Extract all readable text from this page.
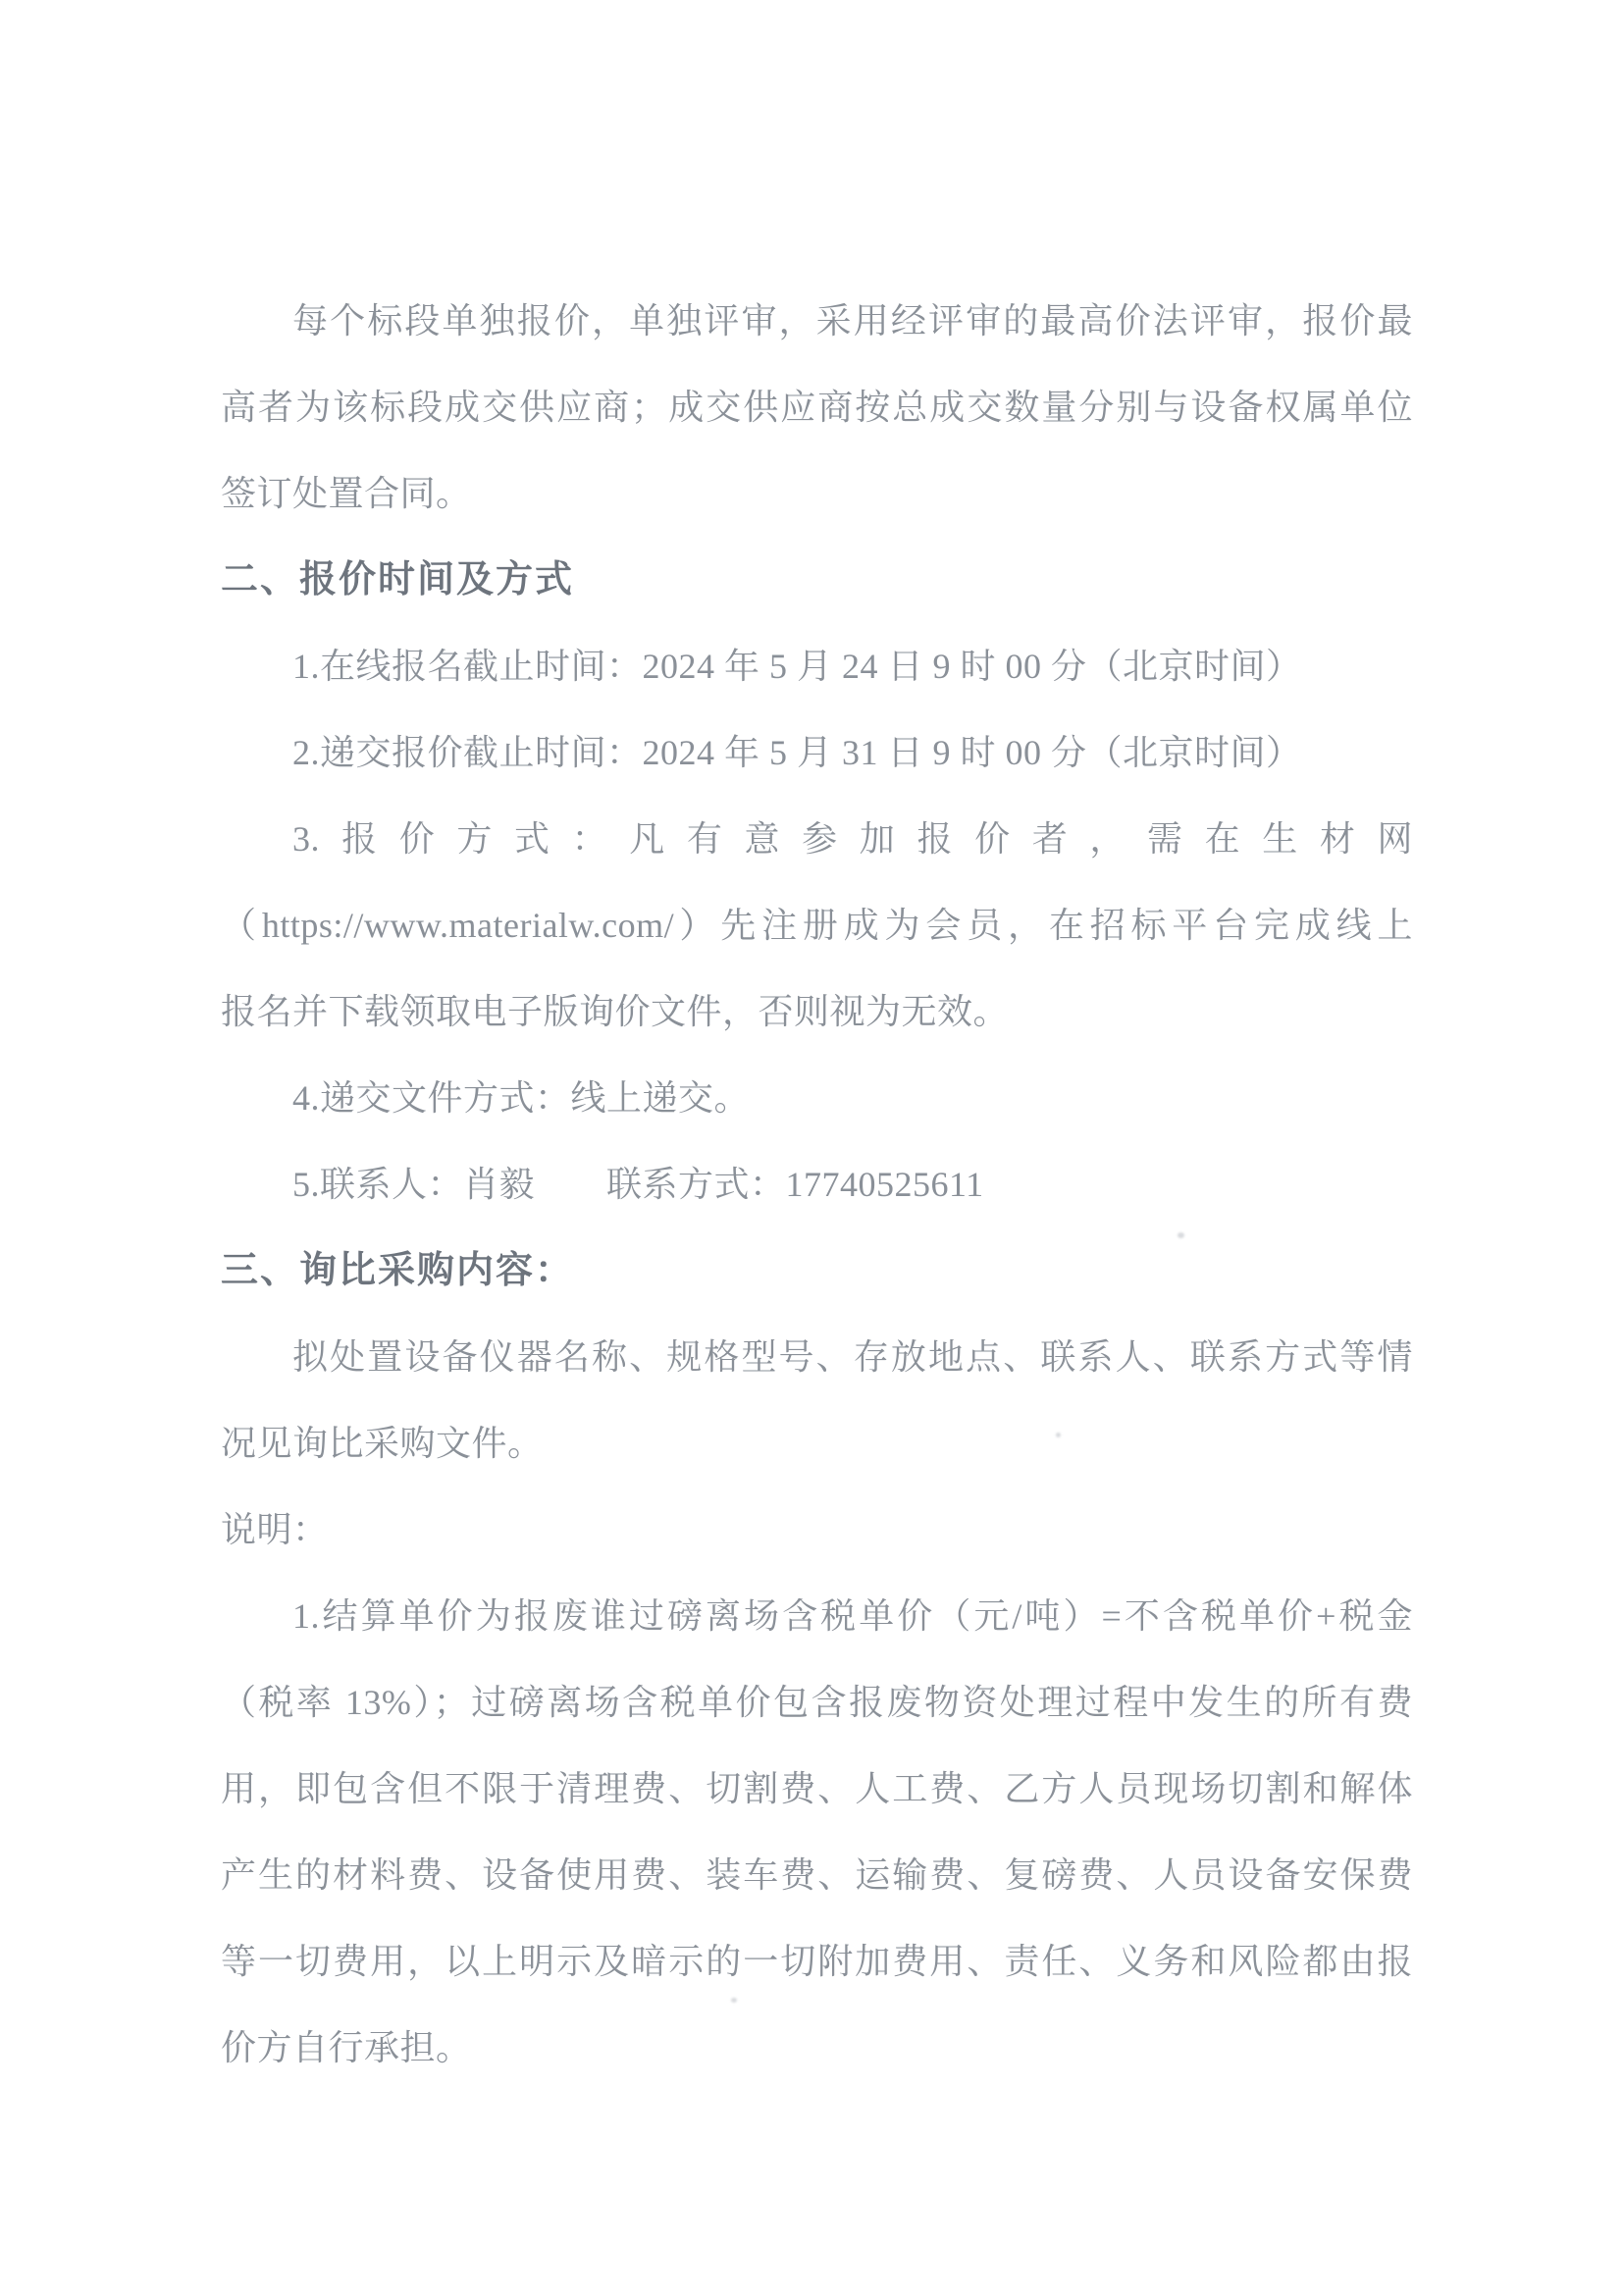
每个标段单独报价，单独评审，采用经评审的最高价法评审，报价最
高者为该标段成交供应商；成交供应商按总成交数量分别与设备权属单位
签订处置合同。
二、报价时间及方式
1.在线报名截止时间：2024 年 5 月 24 日 9 时 00 分（北京时间）
2.递交报价截止时间：2024 年 5 月 31 日 9 时 00 分（北京时间）
3.报价方式：凡有意参加报价者，需在生材网
（https://www.materialw.com/）先注册成为会员，在招标平台完成线上
报名并下载领取电子版询价文件，否则视为无效。
4.递交文件方式：线上递交。
5.联系人：肖毅　　联系方式：17740525611
三、询比采购内容：
拟处置设备仪器名称、规格型号、存放地点、联系人、联系方式等情
况见询比采购文件。
说明：
1.结算单价为报废谁过磅离场含税单价（元/吨）=不含税单价+税金
（税率 13%）；过磅离场含税单价包含报废物资处理过程中发生的所有费
用，即包含但不限于清理费、切割费、人工费、乙方人员现场切割和解体
产生的材料费、设备使用费、装车费、运输费、复磅费、人员设备安保费
等一切费用，以上明示及暗示的一切附加费用、责任、义务和风险都由报
价方自行承担。
